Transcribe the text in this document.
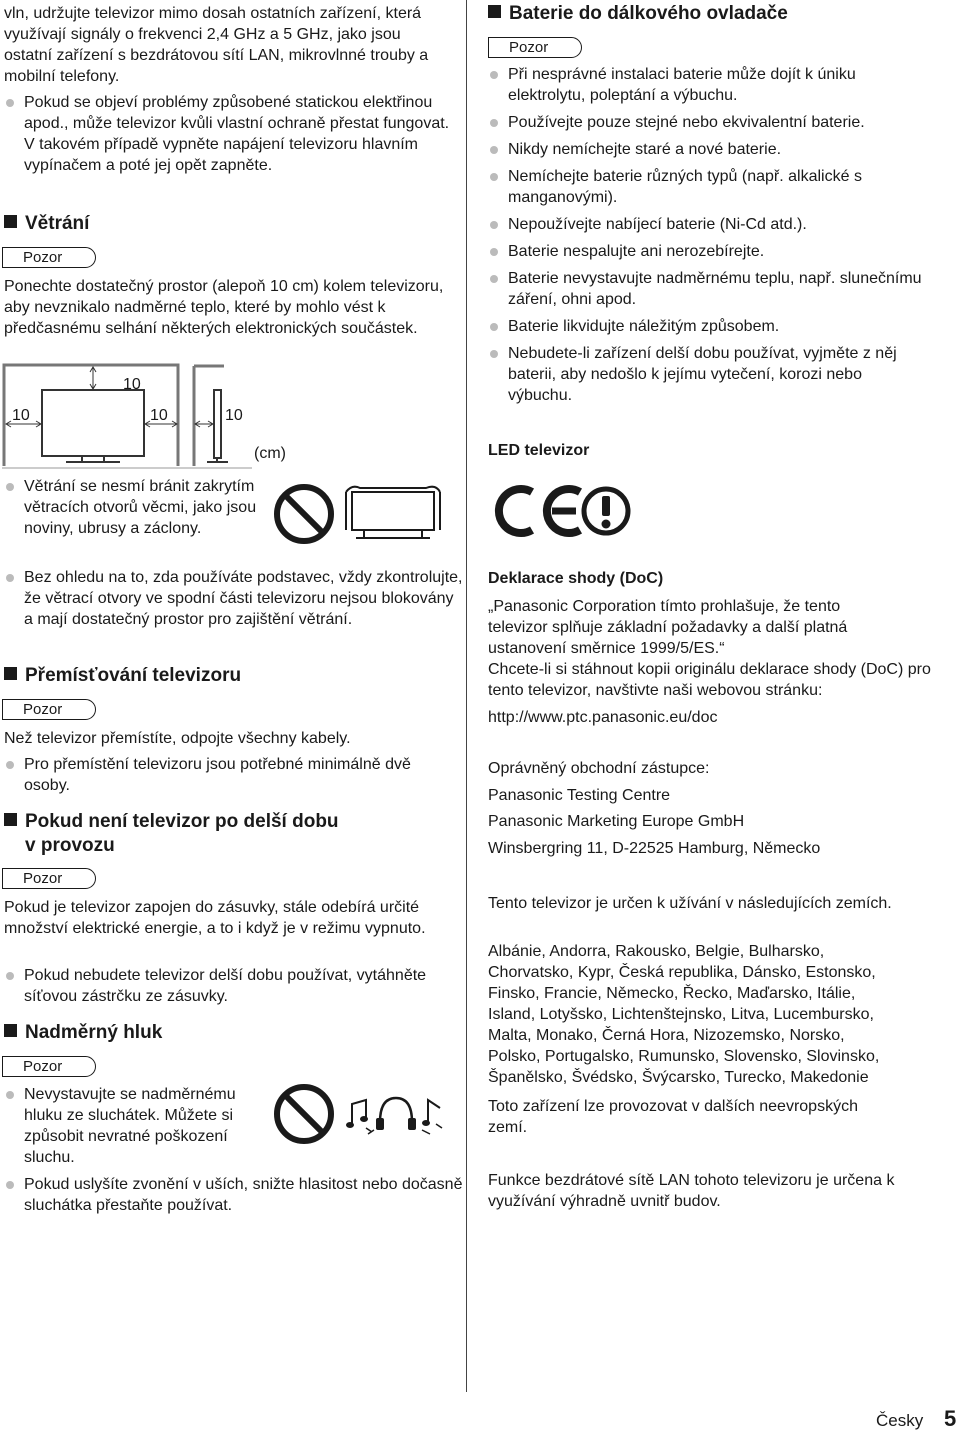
vln, udržujte televizor mimo dosah ostatních zařízení, která využívají signály o frekvenci 2,4 GHz a 5 GHz, jako jsou ostatní zařízení s bezdrátovou sítí LAN, mikrovlnné trouby a mobilní telefony.

Pokud se objeví problémy způsobené statickou elektřinou apod., může televizor kvůli vlastní ochraně přestat fungovat. V takovém případě vypněte napájení televizoru hlavním vypínačem a poté jej opět zapněte.

Větrání

Pozor

Ponechte dostatečný prostor (alepoň 10 cm) kolem televizoru, aby nevznikalo nadměrné teplo, které by mohlo vést k předčasnému selhání některých elektronických součástek.

10
10	10	10

(cm)

Větrání se nesmí bránit zakrytím větracích otvorů věcmi, jako jsou noviny, ubrusy a záclony.

Bez ohledu na to, zda používáte podstavec, vždy zkontrolujte, že větrací otvory ve spodní části televizoru nejsou blokovány a mají dostatečný prostor pro zajištění větrání.

Přemísťování televizoru

Pozor

Než televizor přemístíte, odpojte všechny kabely.

Pro přemístění televizoru jsou potřebné minimálně dvě osoby.

Pokud není televizor po delší dobu

v provozu

Pozor

Pokud je televizor zapojen do zásuvky, stále odebírá určité množství elektrické energie, a to i když je v režimu vypnuto.

Pokud nebudete televizor delší dobu používat, vytáhněte síťovou zástrčku ze zásuvky.

Nadměrný hluk

Pozor

Nevystavujte se nadměrnému hluku ze sluchátek. Můžete si způsobit nevratné poškození sluchu.

Pokud uslyšíte zvonění v uších, snižte hlasitost nebo dočasně sluchátka přestaňte používat.

Baterie do dálkového ovladače

Pozor

Při nesprávné instalaci baterie může dojít k úniku elektrolytu, poleptání a výbuchu.

Používejte pouze stejné nebo ekvivalentní baterie.

Nikdy nemíchejte staré a nové baterie.

Nemíchejte baterie různých typů (např. alkalické s manganovými).

Nepoužívejte nabíjecí baterie (Ni-Cd atd.).

Baterie nespalujte ani nerozebírejte.

Baterie nevystavujte nadměrnému teplu, např. slunečnímu záření, ohni apod.

Baterie likvidujte náležitým způsobem.

Nebudete-li zařízení delší dobu používat, vyjměte z něj baterii, aby nedošlo k jejímu vytečení, korozi nebo výbuchu.

LED televizor

Deklarace shody (DoC)

„Panasonic Corporation tímto prohlašuje, že tento televizor splňuje základní požadavky a další platná ustanovení směrnice 1999/5/ES.“

Chcete-li si stáhnout kopii originálu deklarace shody (DoC) pro tento televizor, navštivte naši webovou stránku:

http://www.ptc.panasonic.eu/doc

Oprávněný obchodní zástupce:

Panasonic Testing Centre

Panasonic Marketing Europe GmbH

Winsbergring 11, D-22525 Hamburg, Německo

Tento televizor je určen k užívání v následujících zemích.

Albánie, Andorra, Rakousko, Belgie, Bulharsko, Chorvatsko, Kypr, Česká republika, Dánsko, Estonsko, Finsko, Francie, Německo, Řecko, Maďarsko, Itálie, Island, Lotyšsko, Lichtenštejnsko, Litva, Lucembursko, Malta, Monako, Černá Hora, Nizozemsko, Norsko, Polsko, Portugalsko, Rumunsko, Slovensko, Slovinsko, Španělsko, Švédsko, Švýcarsko, Turecko, Makedonie

Toto zařízení lze provozovat v dalších neevropských zemí.

Funkce bezdrátové sítě LAN tohoto televizoru je určena k využívání výhradně uvnitř budov.

Česky 5
